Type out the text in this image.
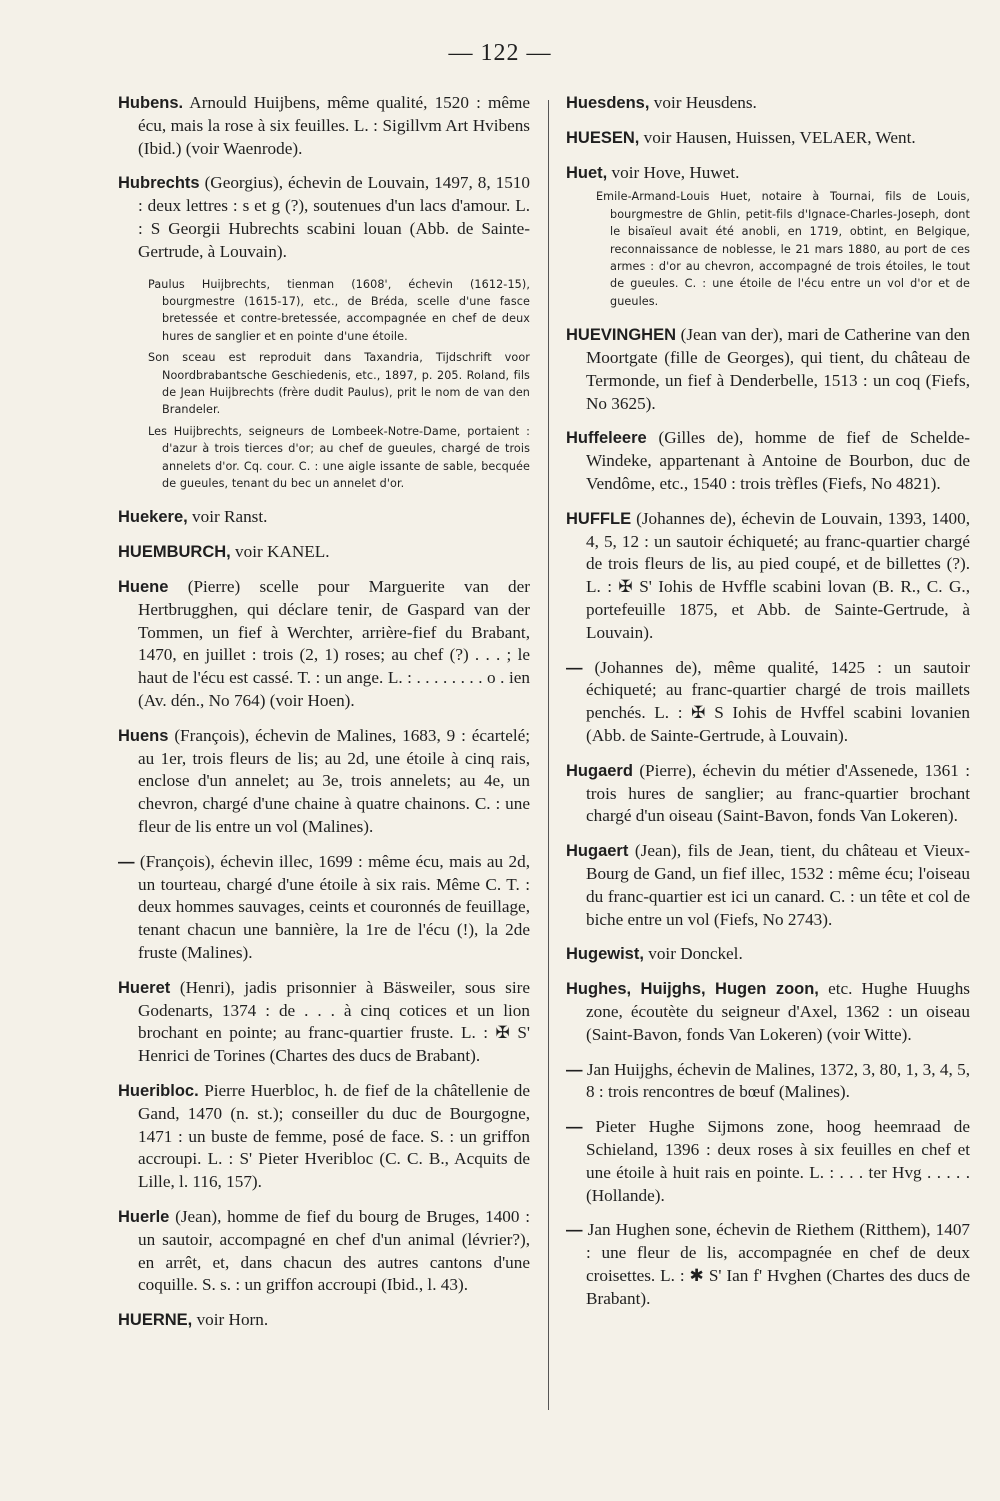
— 122 —
Hubens. Arnould Huijbens, même qualité, 1520 : même écu, mais la rose à six feuilles. L. : Sigillvm Art Hvibens (Ibid.) (voir Waenrode).
Hubrechts (Georgius), échevin de Louvain, 1497, 8, 1510 : deux lettres : s et g (?), soutenues d'un lacs d'amour. L. : S Georgii Hubrechts scabini louan (Abb. de Sainte-Gertrude, à Louvain).
Paulus Huijbrechts, tienman (1608', échevin (1612-15), bourgmestre (1615-17), etc., de Bréda, scelle d'une fasce bretessée et contre-bretessée, accompagnée en chef de deux hures de sanglier et en pointe d'une étoile.
Son sceau est reproduit dans Taxandria, Tijdschrift voor Noordbrabantsche Geschiedenis, etc., 1897, p. 205. Roland, fils de Jean Huijbrechts (frère dudit Paulus), prit le nom de van den Brandeler.
Les Huijbrechts, seigneurs de Lombeek-Notre-Dame, portaient : d'azur à trois tierces d'or; au chef de gueules, chargé de trois annelets d'or. Cq. cour. C. : une aigle issante de sable, becquée de gueules, tenant du bec un annelet d'or.
Huekere, voir Ranst.
HUEMBURCH, voir KANEL.
Huene (Pierre) scelle pour Marguerite van der Hertbrugghen, qui déclare tenir, de Gaspard van der Tommen, un fief à Werchter, arrière-fief du Brabant, 1470, en juillet : trois (2, 1) roses; au chef (?) . . . ; le haut de l'écu est cassé. T. : un ange. L. : . . . . . . . . o . ien (Av. dén., No 764) (voir Hoen).
Huens (François), échevin de Malines, 1683, 9 : écartelé; au 1er, trois fleurs de lis; au 2d, une étoile à cinq rais, enclose d'un annelet; au 3e, trois annelets; au 4e, un chevron, chargé d'une chaine à quatre chainons. C. : une fleur de lis entre un vol (Malines).
— (François), échevin illec, 1699 : même écu, mais au 2d, un tourteau, chargé d'une étoile à six rais. Même C. T. : deux hommes sauvages, ceints et couronnés de feuillage, tenant chacun une bannière, la 1re de l'écu (!), la 2de fruste (Malines).
Hueret (Henri), jadis prisonnier à Bäsweiler, sous sire Godenarts, 1374 : de . . . à cinq cotices et un lion brochant en pointe; au franc-quartier fruste. L. : ✠ S' Henrici de Torines (Chartes des ducs de Brabant).
Hueribloc. Pierre Huerbloc, h. de fief de la châtellenie de Gand, 1470 (n. st.); conseiller du duc de Bourgogne, 1471 : un buste de femme, posé de face. S. : un griffon accroupi. L. : S' Pieter Hveribloc (C. C. B., Acquits de Lille, l. 116, 157).
Huerle (Jean), homme de fief du bourg de Bruges, 1400 : un sautoir, accompagné en chef d'un animal (lévrier?), en arrêt, et, dans chacun des autres cantons d'une coquille. S. s. : un griffon accroupi (Ibid., l. 43).
HUERNE, voir Horn.
Huesdens, voir Heusdens.
HUESEN, voir Hausen, Huissen, VELAER, Went.
Huet, voir Hove, Huwet.
Emile-Armand-Louis Huet, notaire à Tournai, fils de Louis, bourgmestre de Ghlin, petit-fils d'Ignace-Charles-Joseph, dont le bisaïeul avait été anobli, en 1719, obtint, en Belgique, reconnaissance de noblesse, le 21 mars 1880, au port de ces armes : d'or au chevron, accompagné de trois étoiles, le tout de gueules. C. : une étoile de l'écu entre un vol d'or et de gueules.
HUEVINGHEN (Jean van der), mari de Catherine van den Moortgate (fille de Georges), qui tient, du château de Termonde, un fief à Denderbelle, 1513 : un coq (Fiefs, No 3625).
Huffeleere (Gilles de), homme de fief de Schelde-Windeke, appartenant à Antoine de Bourbon, duc de Vendôme, etc., 1540 : trois trèfles (Fiefs, No 4821).
HUFFLE (Johannes de), échevin de Louvain, 1393, 1400, 4, 5, 12 : un sautoir échiqueté; au franc-quartier chargé de trois fleurs de lis, au pied coupé, et de billettes (?). L. : ✠ S' Iohis de Hvffle scabini lovan (B. R., C. G., portefeuille 1875, et Abb. de Sainte-Gertrude, à Louvain).
— (Johannes de), même qualité, 1425 : un sautoir échiqueté; au franc-quartier chargé de trois maillets penchés. L. : ✠ S Iohis de Hvffel scabini lovanien (Abb. de Sainte-Gertrude, à Louvain).
Hugaerd (Pierre), échevin du métier d'Assenede, 1361 : trois hures de sanglier; au franc-quartier brochant chargé d'un oiseau (Saint-Bavon, fonds Van Lokeren).
Hugaert (Jean), fils de Jean, tient, du château et Vieux-Bourg de Gand, un fief illec, 1532 : même écu; l'oiseau du franc-quartier est ici un canard. C. : un tête et col de biche entre un vol (Fiefs, No 2743).
Hugewist, voir Donckel.
Hughes, Huijghs, Hugen zoon, etc. Hughe Huughs zone, écoutète du seigneur d'Axel, 1362 : un oiseau (Saint-Bavon, fonds Van Lokeren) (voir Witte).
— Jan Huijghs, échevin de Malines, 1372, 3, 80, 1, 3, 4, 5, 8 : trois rencontres de bœuf (Malines).
— Pieter Hughe Sijmons zone, hoog heemraad de Schieland, 1396 : deux roses à six feuilles en chef et une étoile à huit rais en pointe. L. : . . . ter Hvg . . . . . (Hollande).
— Jan Hughen sone, échevin de Riethem (Ritthem), 1407 : une fleur de lis, accompagnée en chef de deux croisettes. L. : ✱ S' Ian f' Hvghen (Chartes des ducs de Brabant).
